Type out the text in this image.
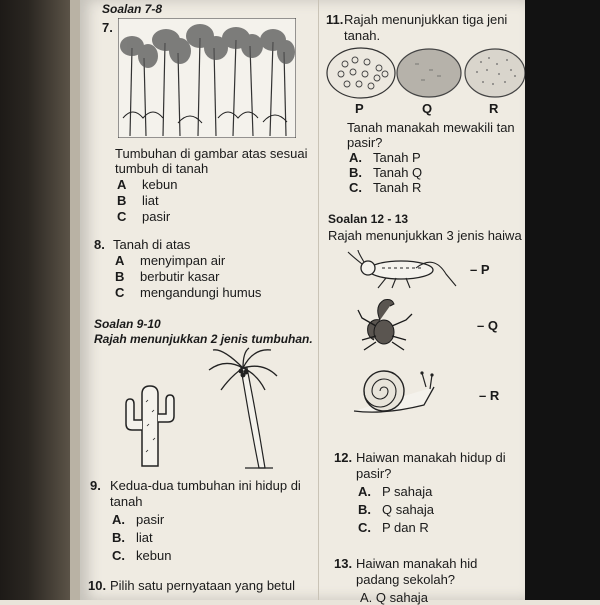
Soalan 7-8
7.
Tumbuhan di gambar atas sesuai
tumbuh di tanah
A kebun
B liat
C pasir
8. Tanah di atas
A menyimpan air
B berbutir kasar
C mengandungi humus
Soalan 9-10
Rajah menunjukkan 2 jenis tumbuhan.
9. Kedua-dua tumbuhan ini hidup di
tanah
A. pasir
B. liat
C. kebun
10. Pilih satu pernyataan yang betul
11. Rajah menunjukkan tiga jeni
tanah.
P	Q	R
Tanah manakah mewakili tan
pasir?
A. Tanah P
B. Tanah Q
C. Tanah R
Soalan 12 - 13
Rajah menunjukkan 3 jenis haiwa
– P
– Q
– R
12. Haiwan manakah hidup di
pasir?
A. P sahaja
B. Q sahaja
C. P dan R
13. Haiwan manakah hid
padang sekolah?
A. Q sahaja
